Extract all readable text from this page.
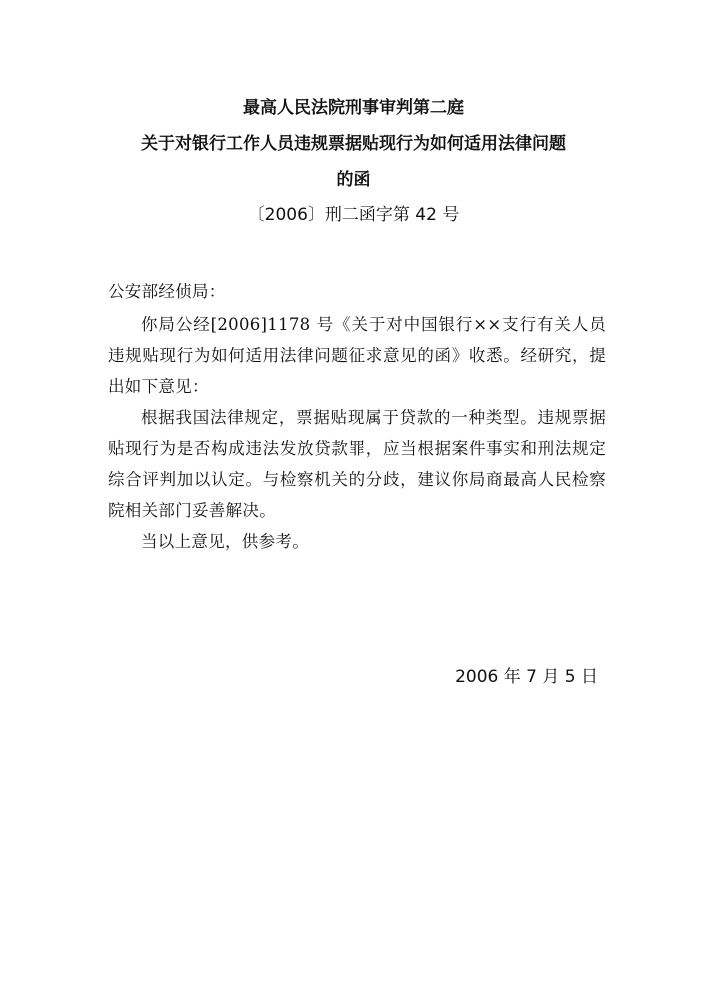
最高人民法院刑事审判第二庭
关于对银行工作人员违规票据贴现行为如何适用法律问题
的函
〔2006〕刑二函字第 42 号

公安部经侦局：

你局公经[2006]1178 号《关于对中国银行××支行有关人员违规贴现行为如何适用法律问题征求意见的函》收悉。经研究，提出如下意见：

根据我国法律规定，票据贴现属于贷款的一种类型。违规票据贴现行为是否构成违法发放贷款罪，应当根据案件事实和刑法规定综合评判加以认定。与检察机关的分歧，建议你局商最高人民检察院相关部门妥善解决。

当以上意见，供参考。

2006 年 7 月 5 日
